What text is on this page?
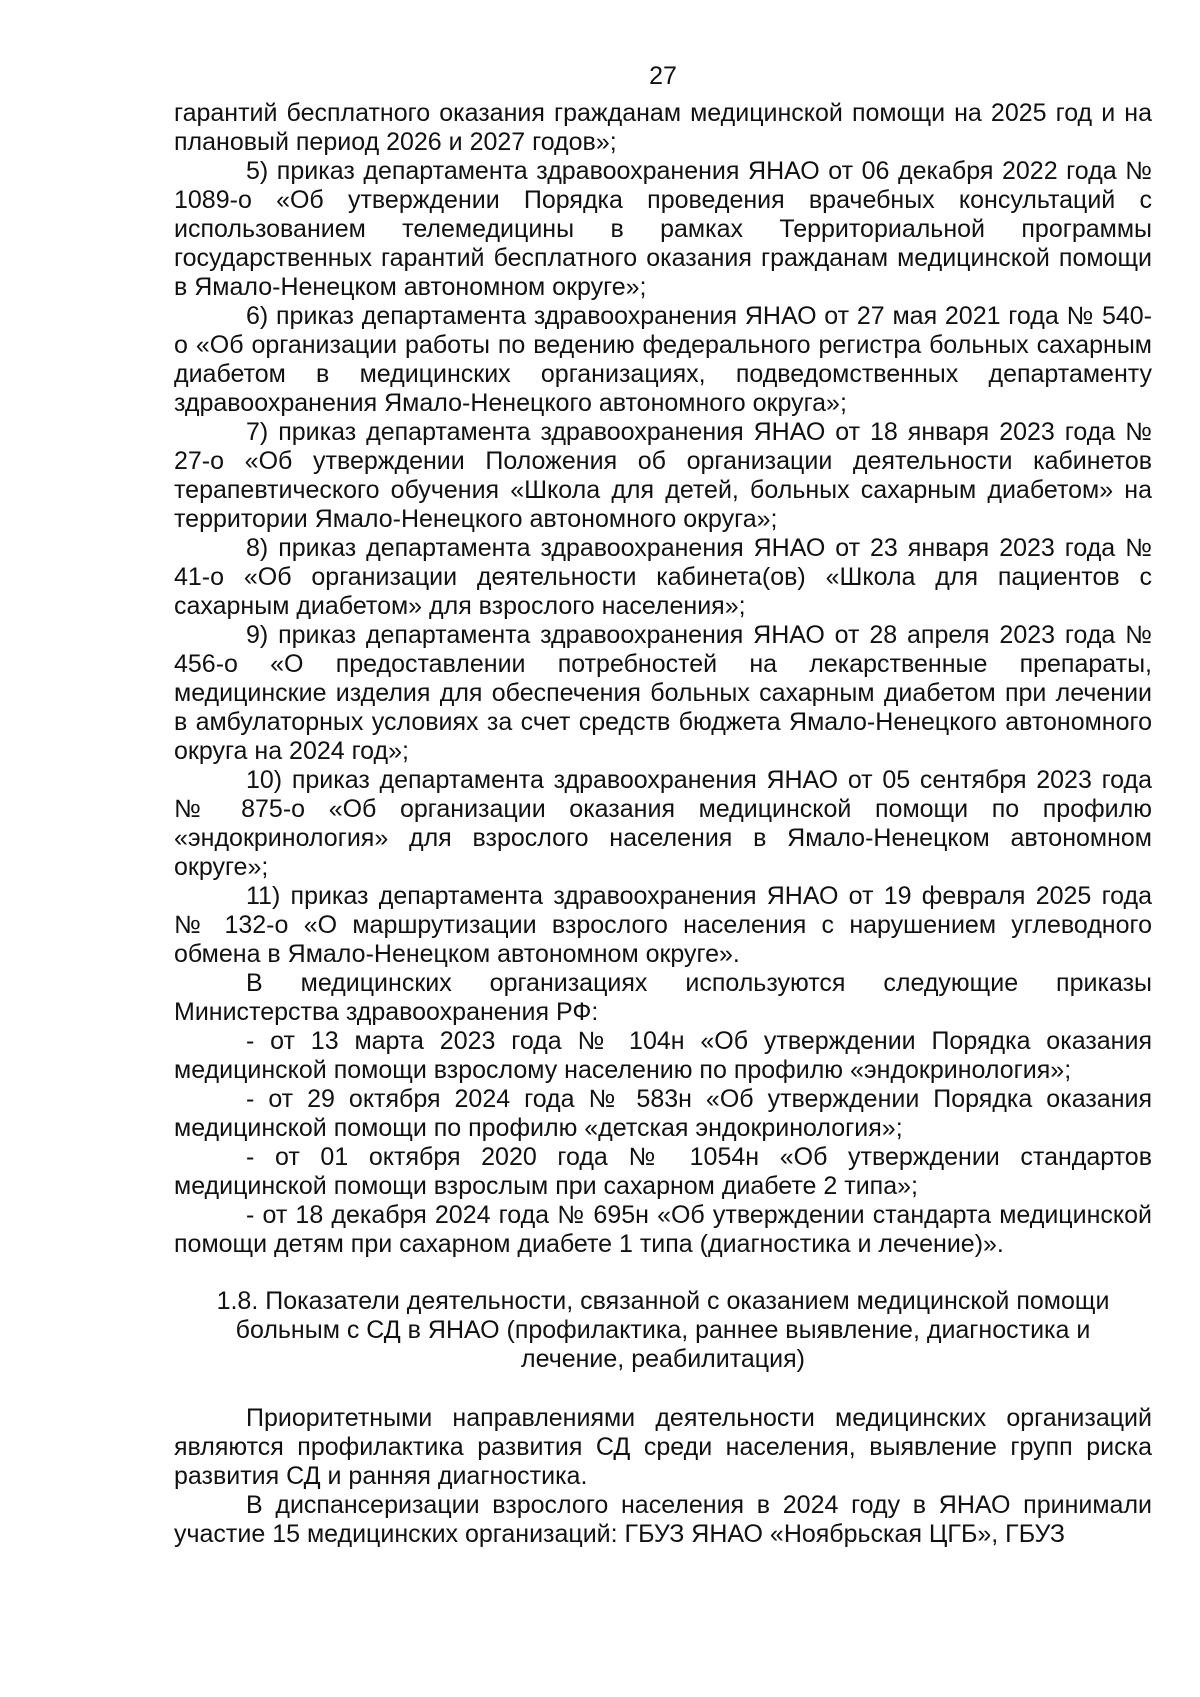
27

гарантий бесплатного оказания гражданам медицинской помощи на 2025 год и на плановый период 2026 и 2027 годов»;

5) приказ департамента здравоохранения ЯНАО от 06 декабря 2022 года № 1089-о «Об утверждении Порядка проведения врачебных консультаций с использованием телемедицины в рамках Территориальной программы государственных гарантий бесплатного оказания гражданам медицинской помощи в Ямало-Ненецком автономном округе»;

6) приказ департамента здравоохранения ЯНАО от 27 мая 2021 года № 540-о «Об организации работы по ведению федерального регистра больных сахарным диабетом в медицинских организациях, подведомственных департаменту здравоохранения Ямало-Ненецкого автономного округа»;

7) приказ департамента здравоохранения ЯНАО от 18 января 2023 года № 27-о «Об утверждении Положения об организации деятельности кабинетов терапевтического обучения «Школа для детей, больных сахарным диабетом» на территории Ямало-Ненецкого автономного округа»;

8) приказ департамента здравоохранения ЯНАО от 23 января 2023 года № 41-о «Об организации деятельности кабинета(ов) «Школа для пациентов с сахарным диабетом» для взрослого населения»;

9) приказ департамента здравоохранения ЯНАО от 28 апреля 2023 года № 456-о «О предоставлении потребностей на лекарственные препараты, медицинские изделия для обеспечения больных сахарным диабетом при лечении в амбулаторных условиях за счет средств бюджета Ямало-Ненецкого автономного округа на 2024 год»;

10) приказ департамента здравоохранения ЯНАО от 05 сентября 2023 года № 875-о «Об организации оказания медицинской помощи по профилю «эндокринология» для взрослого населения в Ямало-Ненецком автономном округе»;

11) приказ департамента здравоохранения ЯНАО от 19 февраля 2025 года № 132-о «О маршрутизации взрослого населения с нарушением углеводного обмена в Ямало-Ненецком автономном округе».

В медицинских организациях используются следующие приказы Министерства здравоохранения РФ:

- от 13 марта 2023 года № 104н «Об утверждении Порядка оказания медицинской помощи взрослому населению по профилю «эндокринология»;

- от 29 октября 2024 года № 583н «Об утверждении Порядка оказания медицинской помощи по профилю «детская эндокринология»;

- от 01 октября 2020 года № 1054н «Об утверждении стандартов медицинской помощи взрослым при сахарном диабете 2 типа»;

- от 18 декабря 2024 года № 695н «Об утверждении стандарта медицинской помощи детям при сахарном диабете 1 типа (диагностика и лечение)».

1.8. Показатели деятельности, связанной с оказанием медицинской помощи больным с СД в ЯНАО (профилактика, раннее выявление, диагностика и лечение, реабилитация)

Приоритетными направлениями деятельности медицинских организаций являются профилактика развития СД среди населения, выявление групп риска развития СД и ранняя диагностика.

В диспансеризации взрослого населения в 2024 году в ЯНАО принимали участие 15 медицинских организаций: ГБУЗ ЯНАО «Ноябрьская ЦГБ», ГБУЗ
